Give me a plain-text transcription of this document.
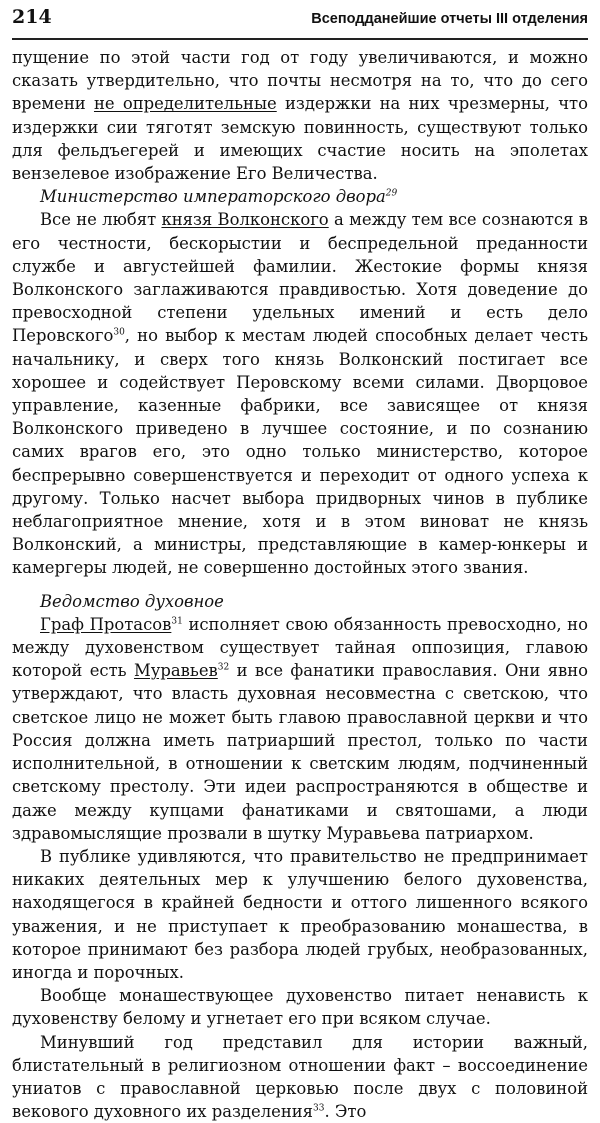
214	Всеподданейшие отчеты III отделения

пущение по этой части год от году увеличиваются, и можно сказать утвердительно, что почты несмотря на то, что до сего времени не определительные издержки на них чрезмерны, что издержки сии тяготят земскую повинность, существуют только для фельдъегерей и имеющих счастие носить на эполетах вензелевое изображение Его Величества.

Министерство императорского двора$^{29}$

Все не любят князя Волконского а между тем все сознаются в его честности, бескорыстии и беспредельной преданности службе и августейшей фамилии. Жестокие формы князя Волконского заглаживаются правдивостью. Хотя доведение до превосходной степени удельных имений и есть дело Перовского$^{30}$, но выбор к местам людей способных делает честь начальнику, и сверх того князь Волконский постигает все хорошее и содействует Перовскому всеми силами. Дворцовое управление, казенные фабрики, все зависящее от князя Волконского приведено в лучшее состояние, и по сознанию самих врагов его, это одно только министерство, которое беспрерывно совершенствуется и переходит от одного успеха к другому. Только насчет выбора придворных чинов в публике неблагоприятное мнение, хотя и в этом виноват не князь Волконский, а министры, представляющие в камер-юнкеры и камергеры людей, не совершенно достойных этого звания.

Ведомство духовное

Граф Протасов$^{31}$ исполняет свою обязанность превосходно, но между духовенством существует тайная оппозиция, главою которой есть Муравьев$^{32}$ и все фанатики православия. Они явно утверждают, что власть духовная несовместна с светскою, что светское лицо не может быть главою православной церкви и что Россия должна иметь патриарший престол, только по части исполнительной, в отношении к светским людям, подчиненный светскому престолу. Эти идеи распространяются в обществе и даже между купцами фанатиками и святошами, а люди здравомыслящие прозвали в шутку Муравьева патриархом.

В публике удивляются, что правительство не предпринимает никаких деятельных мер к улучшению белого духовенства, находящегося в крайней бедности и оттого лишенного всякого уважения, и не приступает к преобразованию монашества, в которое принимают без разбора людей грубых, необразованных, иногда и порочных.

Вообще монашествующее духовенство питает ненависть к духовенству белому и угнетает его при всяком случае.

Минувший год представил для истории важный, блистательный в религиозном отношении факт – воссоединение униатов с православной церковью после двух с половиной векового духовного их разделения$^{33}$. Это
